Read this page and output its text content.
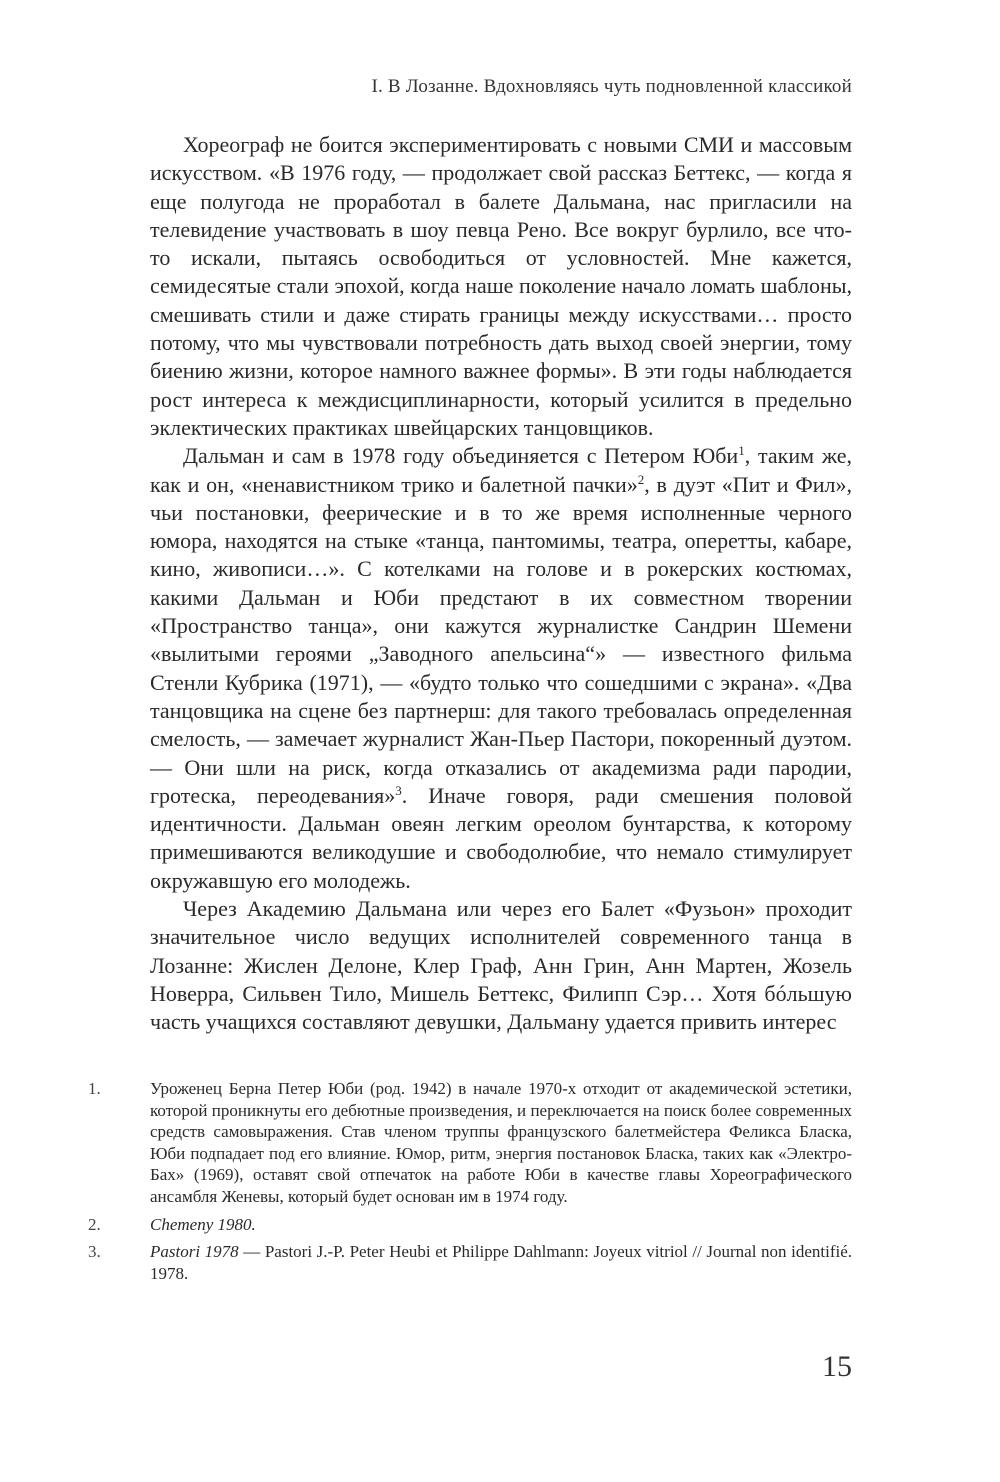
I. В Лозанне. Вдохновляясь чуть подновленной классикой

Хореограф не боится экспериментировать с новыми СМИ и массовым искусством. «В 1976 году, — продолжает свой рассказ Беттекс, — когда я еще полугода не проработал в балете Дальмана, нас пригласили на телевидение участвовать в шоу певца Рено. Все вокруг бурлило, все что-то искали, пытаясь освободиться от условностей. Мне кажется, семидесятые стали эпохой, когда наше поколение начало ломать шаблоны, смешивать стили и даже стирать границы между искусствами… просто потому, что мы чувствовали потребность дать выход своей энергии, тому биению жизни, которое намного важнее формы». В эти годы наблюдается рост интереса к междисциплинарности, который усилится в предельно эклектических практиках швейцарских танцовщиков.

Дальман и сам в 1978 году объединяется с Петером Юби$^1$, таким же, как и он, «ненавистником трико и балетной пачки»$^2$, в дуэт «Пит и Фил», чьи постановки, феерические и в то же время исполненные черного юмора, находятся на стыке «танца, пантомимы, театра, оперетты, кабаре, кино, живописи…». С котелками на голове и в рокерских костюмах, какими Дальман и Юби предстают в их совместном творении «Пространство танца», они кажутся журналистке Сандрин Шемени «вылитыми героями „Заводного апельсина“» — известного фильма Стенли Кубрика (1971), — «будто только что сошедшими с экрана». «Два танцовщика на сцене без партнерш: для такого требовалась определенная смелость, — замечает журналист Жан-Пьер Пастори, покоренный дуэтом. — Они шли на риск, когда отказались от академизма ради пародии, гротеска, переодевания»$^3$. Иначе говоря, ради смешения половой идентичности. Дальман овеян легким ореолом бунтарства, к которому примешиваются великодушие и свободолюбие, что немало стимулирует окружавшую его молодежь.

Через Академию Дальмана или через его Балет «Фузьон» проходит значительное число ведущих исполнителей современного танца в Лозанне: Жислен Делоне, Клер Граф, Анн Грин, Анн Мартен, Жозель Новерра, Сильвен Тило, Мишель Беттекс, Филипп Сэр… Хотя бóльшую часть учащихся составляют девушки, Дальману удается привить интерес

1.	Уроженец Берна Петер Юби (род. 1942) в начале 1970-х отходит от академической эстетики, которой проникнуты его дебютные произведения, и переключается на поиск более современных средств самовыражения. Став членом труппы французского балетмейстера Феликса Бласка, Юби подпадает под его влияние. Юмор, ритм, энергия постановок Бласка, таких как «Электро-Бах» (1969), оставят свой отпечаток на работе Юби в качестве главы Хореографического ансамбля Женевы, который будет основан им в 1974 году.
2.	Chemeny 1980.
3.	Pastori 1978 — Pastori J.-P. Peter Heubi et Philippe Dahlmann: Joyeux vitriol // Journal non identifié. 1978.
15
